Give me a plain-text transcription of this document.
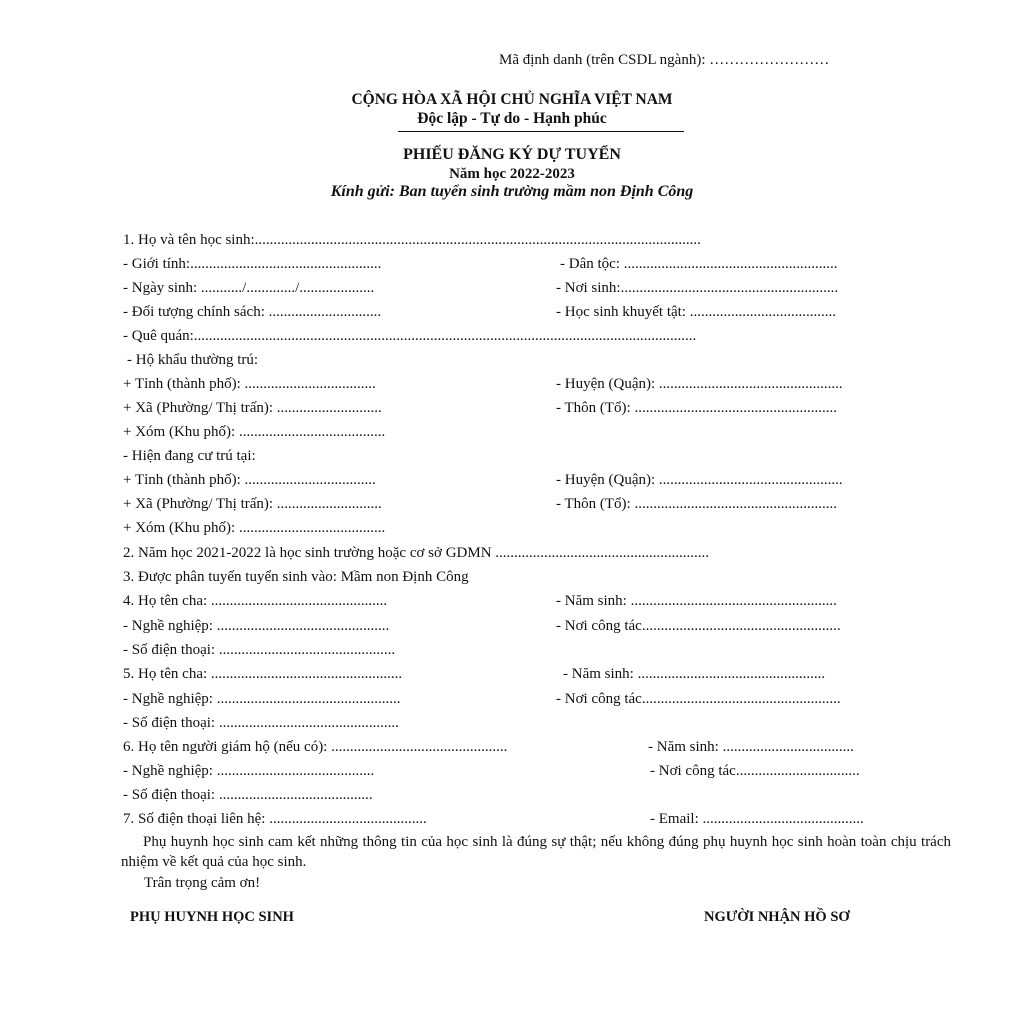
Mã định danh (trên CSDL ngành): ……………………
CỘNG HÒA XÃ HỘI CHỦ NGHĨA VIỆT NAM
Độc lập - Tự do - Hạnh phúc
PHIẾU ĐĂNG KÝ DỰ TUYỂN
Năm học 2022-2023
Kính gửi: Ban tuyển sinh trường mầm non Định Công
1. Họ và tên học sinh:.......................................................................................................................
- Giới tính:...................................................	- Dân tộc: .........................................................
- Ngày sinh: .........../............./....................	- Nơi sinh:..........................................................
- Đối tượng chính sách: ..............................	- Học sinh khuyết tật: .......................................
- Quê quán:......................................................................................................................................
- Hộ khẩu thường trú:
+ Tỉnh (thành phố): ...................................	- Huyện (Quận): .................................................
+ Xã (Phường/ Thị trấn): ............................	- Thôn (Tổ): ......................................................
+ Xóm (Khu phố): .......................................
- Hiện đang cư trú tại:
+ Tỉnh (thành phố): ...................................	- Huyện (Quận): .................................................
+ Xã (Phường/ Thị trấn): ............................	- Thôn (Tổ): ......................................................
+ Xóm (Khu phố): .......................................
2. Năm học 2021-2022 là học sinh trường hoặc cơ sở GDMN .........................................................
3. Được phân tuyến tuyển sinh vào: Mầm non Định Công
4. Họ tên cha: ...............................................	- Năm sinh: .......................................................
- Nghề nghiệp: ..............................................	- Nơi công tác.....................................................
- Số điện thoại: ...............................................
5. Họ tên cha: ...................................................	- Năm sinh: ..................................................
- Nghề nghiệp: .................................................	- Nơi công tác.....................................................
- Số điện thoại: ................................................
6. Họ tên người giám hộ (nếu có): ...............................................	- Năm sinh: ...................................
- Nghề nghiệp: ..........................................	- Nơi công tác.................................
- Số điện thoại: .........................................
7. Số điện thoại liên hệ: ..........................................	- Email: ...........................................
Phụ huynh học sinh cam kết những thông tin của học sinh là đúng sự thật; nếu không đúng phụ huynh học sinh hoàn toàn chịu trách nhiệm về kết quả của học sinh.
Trân trọng cảm ơn!
PHỤ HUYNH HỌC SINH	NGƯỜI NHẬN HỒ SƠ
